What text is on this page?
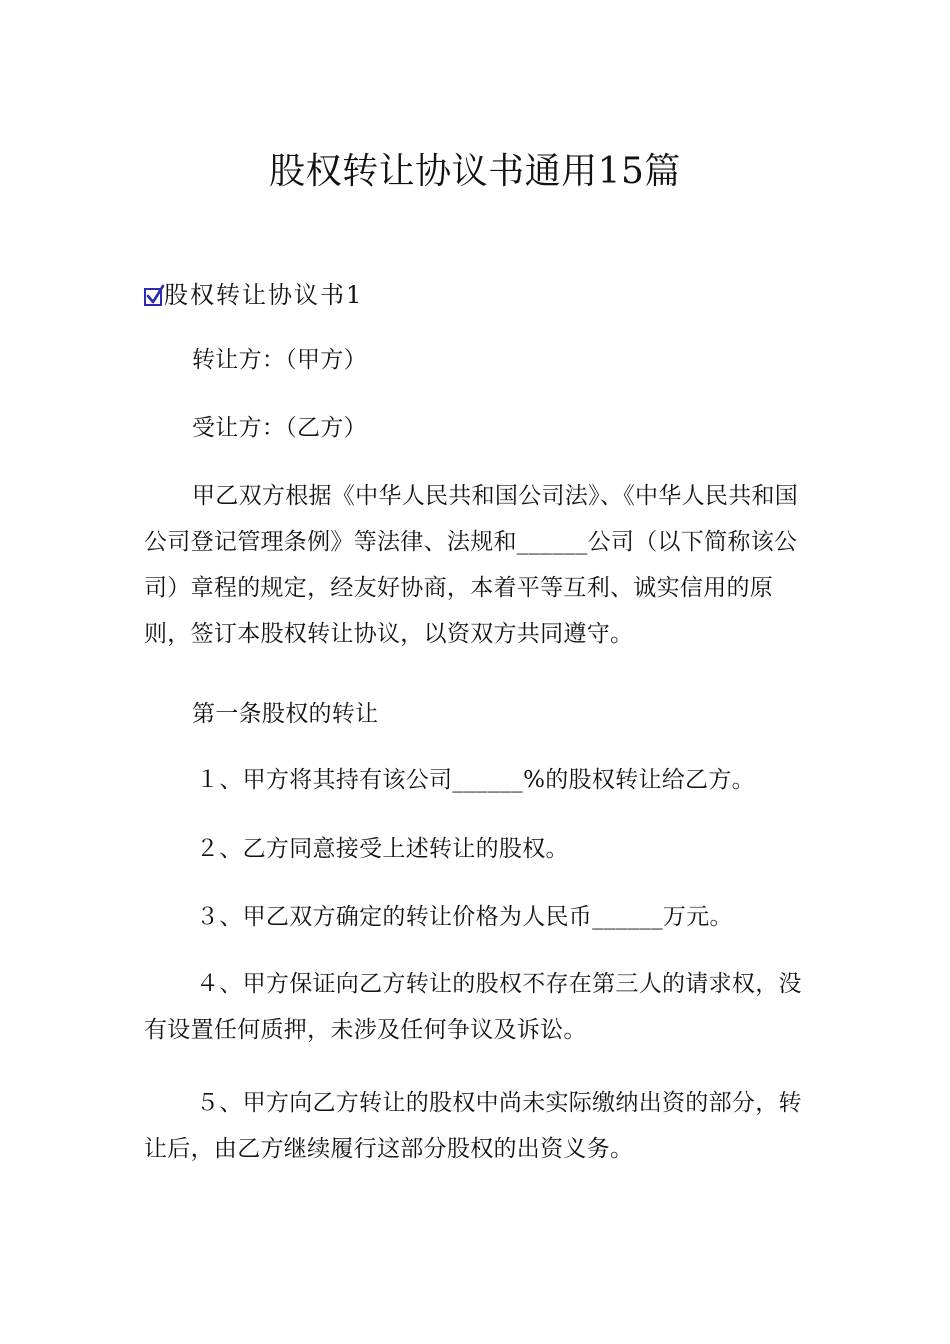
股权转让协议书通用15篇
股权转让协议书1

转让方：（甲方）

受让方：（乙方）

甲乙双方根据《中华人民共和国公司法》、《中华人民共和国公司登记管理条例》等法律、法规和______公司（以下简称该公司）章程的规定，经友好协商，本着平等互利、诚实信用的原则，签订本股权转让协议，以资双方共同遵守。

第一条股权的转让

１、甲方将其持有该公司______%的股权转让给乙方。

２、乙方同意接受上述转让的股权。

３、甲乙双方确定的转让价格为人民币______万元。

４、甲方保证向乙方转让的股权不存在第三人的请求权，没有设置任何质押，未涉及任何争议及诉讼。

５、甲方向乙方转让的股权中尚未实际缴纳出资的部分，转让后，由乙方继续履行这部分股权的出资义务。
